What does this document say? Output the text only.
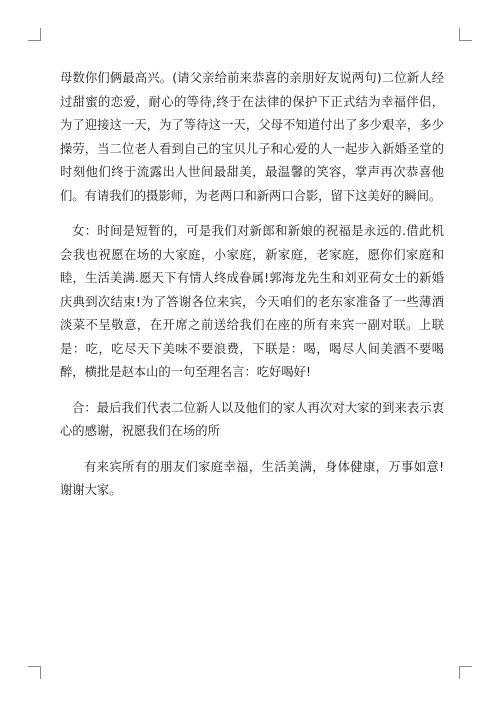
母数你们俩最高兴。(请父亲给前来恭喜的亲朋好友说两句)二位新人经过甜蜜的恋爱，耐心的等待,终于在法律的保护下正式结为幸福伴侣，为了迎接这一天，为了等待这一天，父母不知道付出了多少艰辛，多少操劳，当二位老人看到自己的宝贝儿子和心爱的人一起步入新婚圣堂的时刻他们终于流露出人世间最甜美，最温馨的笑容，掌声再次恭喜他们。有请我们的摄影师，为老两口和新两口合影，留下这美好的瞬间。

女：时间是短暂的，可是我们对新郎和新娘的祝福是永远的.借此机会我也祝愿在场的大家庭，小家庭，新家庭，老家庭，愿你们家庭和睦，生活美满.愿天下有情人终成眷属!郭海龙先生和刘亚荷女士的新婚庆典到次结束!为了答谢各位来宾，今天咱们的老东家准备了一些薄酒淡菜不呈敬意，在开席之前送给我们在座的所有来宾一副对联。上联是：吃，吃尽天下美味不要浪费，下联是：喝，喝尽人间美酒不要喝醉，横批是赵本山的一句至理名言：吃好喝好!

合：最后我们代表二位新人以及他们的家人再次对大家的到来表示衷心的感谢，祝愿我们在场的所

有来宾所有的朋友们家庭幸福，生活美满，身体健康，万事如意!谢谢大家。
